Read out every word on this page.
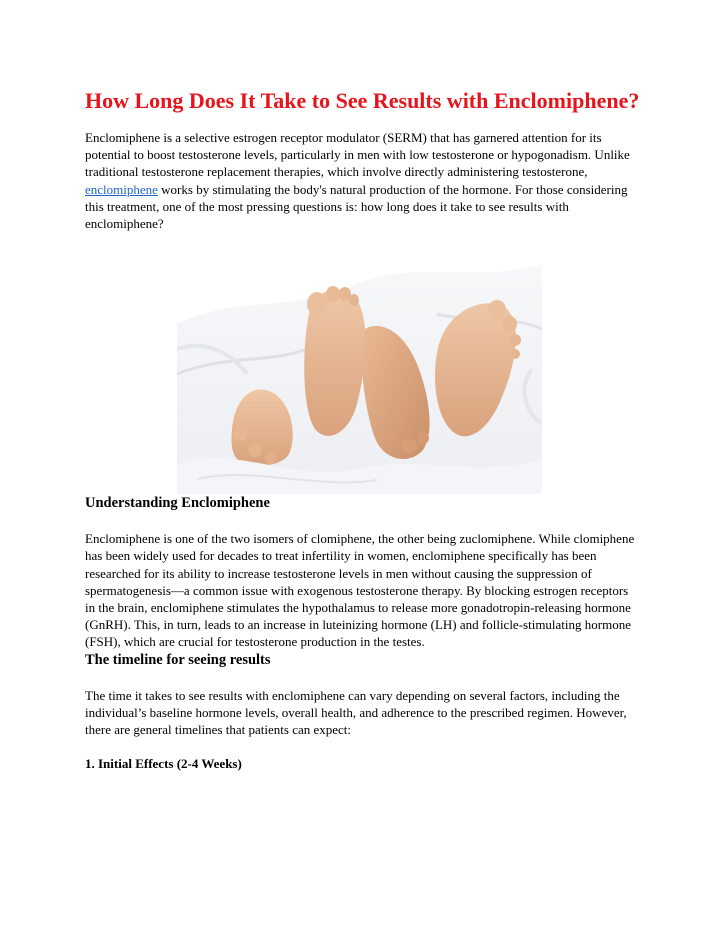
How Long Does It Take to See Results with Enclomiphene?

Enclomiphene is a selective estrogen receptor modulator (SERM) that has garnered attention for its potential to boost testosterone levels, particularly in men with low testosterone or hypogonadism. Unlike traditional testosterone replacement therapies, which involve directly administering testosterone, enclomiphene works by stimulating the body's natural production of the hormone. For those considering this treatment, one of the most pressing questions is: how long does it take to see results with enclomiphene?

Understanding Enclomiphene

Enclomiphene is one of the two isomers of clomiphene, the other being zuclomiphene. While clomiphene has been widely used for decades to treat infertility in women, enclomiphene specifically has been researched for its ability to increase testosterone levels in men without causing the suppression of spermatogenesis—a common issue with exogenous testosterone therapy. By blocking estrogen receptors in the brain, enclomiphene stimulates the hypothalamus to release more gonadotropin-releasing hormone (GnRH). This, in turn, leads to an increase in luteinizing hormone (LH) and follicle-stimulating hormone (FSH), which are crucial for testosterone production in the testes.

The timeline for seeing results

The time it takes to see results with enclomiphene can vary depending on several factors, including the individual’s baseline hormone levels, overall health, and adherence to the prescribed regimen. However, there are general timelines that patients can expect:

1. Initial Effects (2-4 Weeks)
